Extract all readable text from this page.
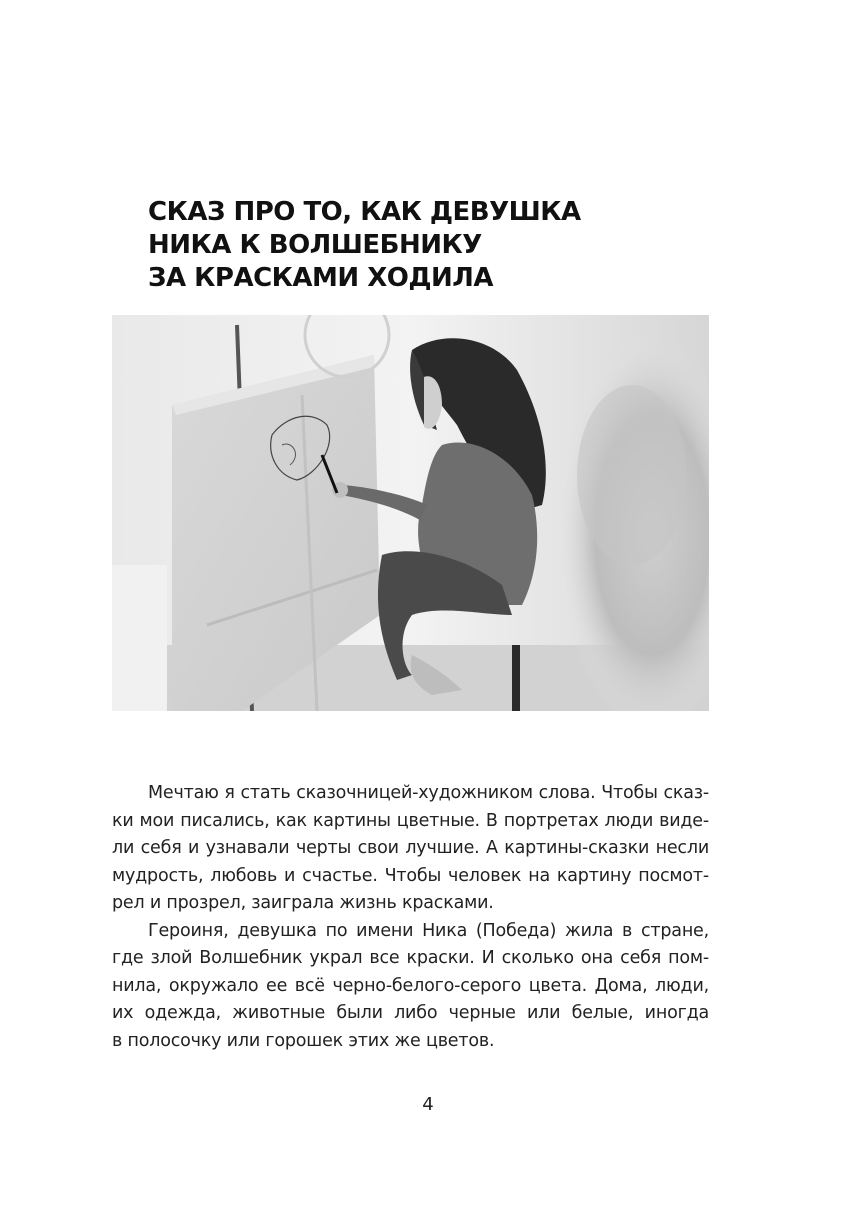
СКАЗ ПРО ТО, КАК ДЕВУШКА
НИКА К ВОЛШЕБНИКУ
ЗА КРАСКАМИ ХОДИЛА
Мечтаю я стать сказочницей-художником слова. Чтобы сказ-
ки мои писались, как картины цветные. В портретах люди виде-
ли себя и узнавали черты свои лучшие. А картины-сказки несли
мудрость, любовь и счастье. Чтобы человек на картину посмот-
рел и прозрел, заиграла жизнь красками.
Героиня, девушка по имени Ника (Победа) жила в стране,
где злой Волшебник украл все краски. И сколько она себя пом-
нила, окружало ее всё черно-белого-серого цвета. Дома, люди,
их одежда, животные были либо черные или белые, иногда
в полосочку или горошек этих же цветов.
4
